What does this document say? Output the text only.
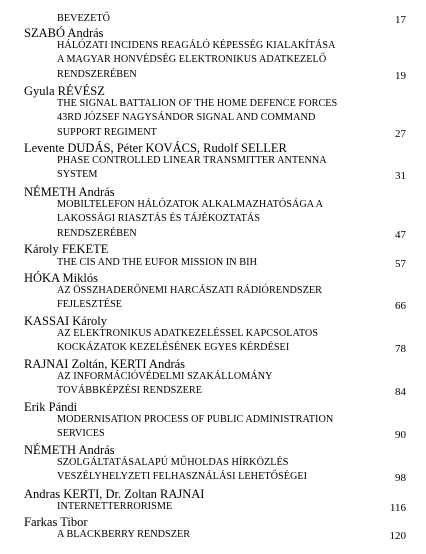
BEVEZETŐ	17
SZABÓ András
HÁLÓZATI INCIDENS REAGÁLÓ KÉPESSÉG KIALAKÍTÁSA
A MAGYAR HONVÉDSÉG ELEKTRONIKUS ADATKEZELŐ
RENDSZERÉBEN	19
Gyula RÉVÉSZ
THE SIGNAL BATTALION OF THE HOME DEFENCE FORCES
43RD JÓZSEF NAGYSÁNDOR SIGNAL AND COMMAND
SUPPORT REGIMENT	27
Levente DUDÁS, Péter KOVÁCS, Rudolf SELLER
PHASE CONTROLLED LINEAR TRANSMITTER ANTENNA
SYSTEM	31
NÉMETH András
MOBILTELEFON HÁLÓZATOK ALKALMAZHATÓSÁGA A
LAKOSSÁGI RIASZTÁS ÉS TÁJÉKOZTATÁS
RENDSZERÉBEN	47
Károly FEKETE
THE CIS AND THE EUFOR MISSION IN BIH	57
HÓKA Miklós
AZ ÖSSZHADERŐNEMI HARCÁSZATI RÁDIÓRENDSZER
FEJLESZTÉSE	66
KASSAI Károly
AZ ELEKTRONIKUS ADATKEZELÉSSEL KAPCSOLATOS
KOCKÁZATOK KEZELÉSÉNEK EGYES KÉRDÉSEI	78
RAJNAI Zoltán, KERTI András
AZ INFORMÁCIÓVÉDELMI SZAKÁLLOMÁNY
TOVÁBBKÉPZÉSI RENDSZERE	84
Erik Pándi
MODERNISATION PROCESS OF PUBLIC ADMINISTRATION
SERVICES	90
NÉMETH András
SZOLGÁLTATÁSALAPÚ MŰHOLDAS HÍRKÖZLÉS
VESZÉLYHELYZETI FELHASZNÁLÁSI LEHETŐSÉGEI	98
Andras KERTI, Dr. Zoltan RAJNAI
INTERNETTERRORISME	116
Farkas Tibor
A BLACKBERRY RENDSZER	120
